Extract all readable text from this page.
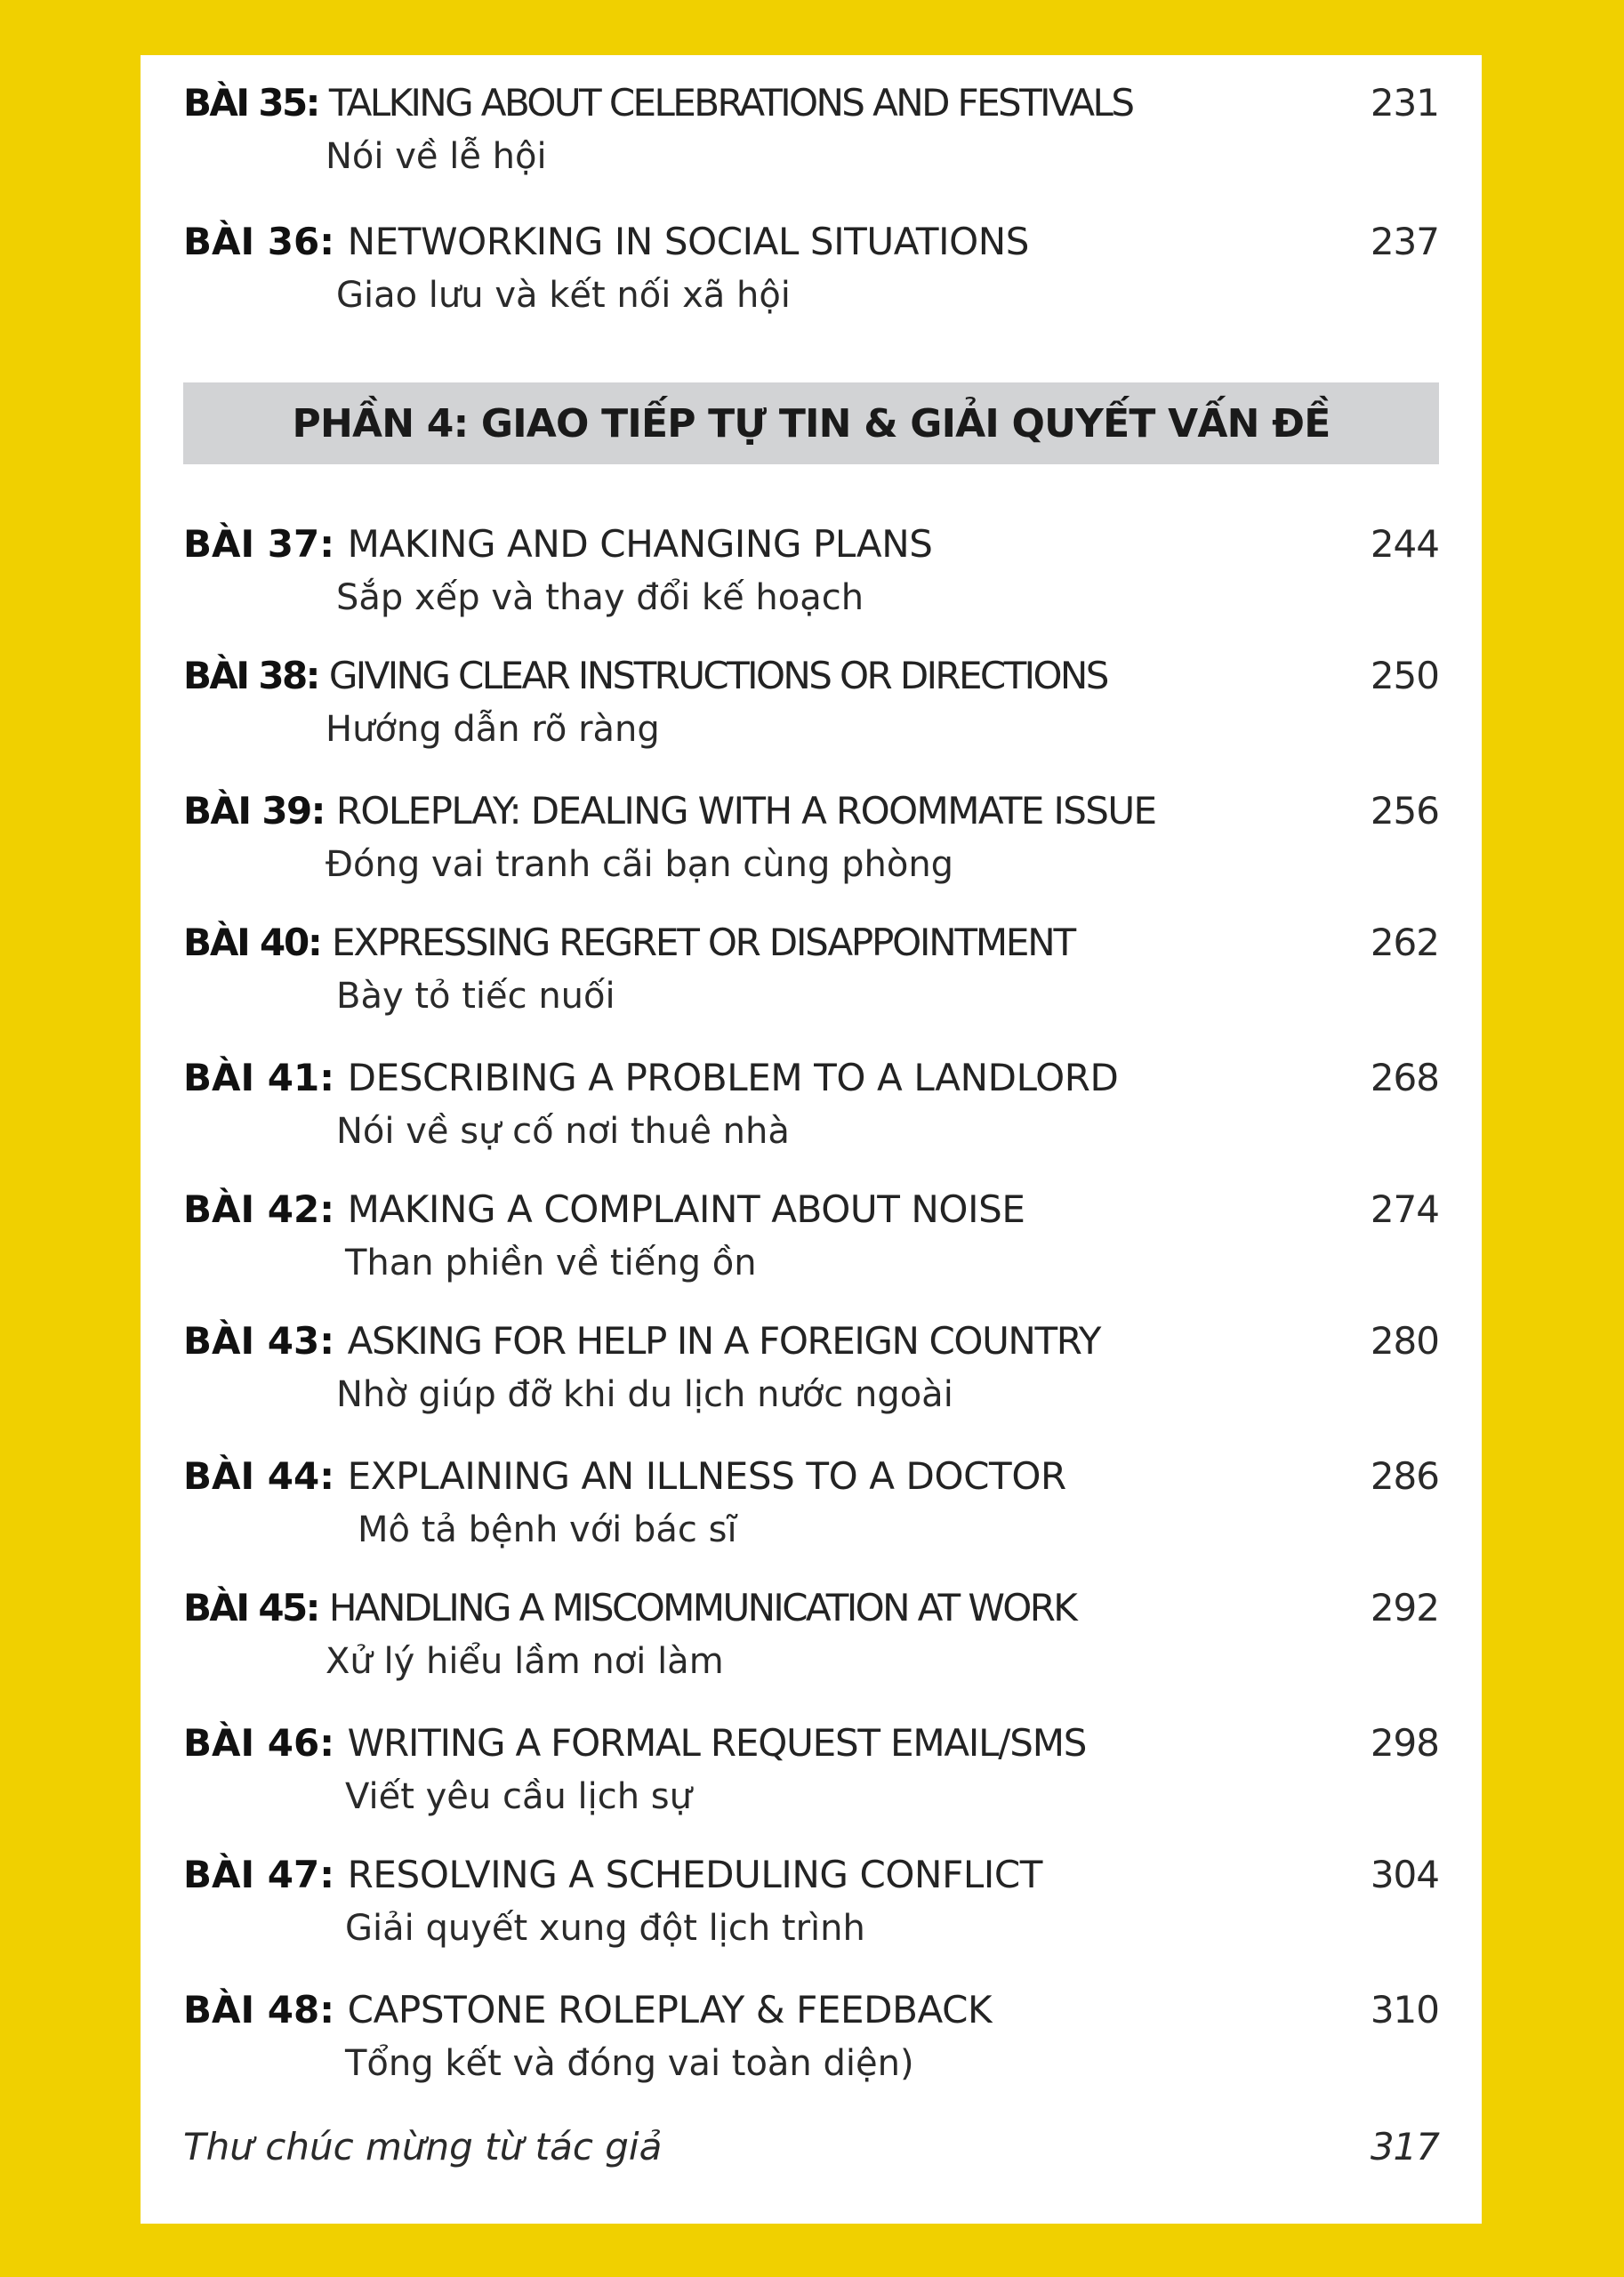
BÀI 35: TALKING ABOUT CELEBRATIONS AND FESTIVALS	231
Nói về lễ hội
BÀI 36: NETWORKING IN SOCIAL SITUATIONS	237
Giao lưu và kết nối xã hội
PHẦN 4: GIAO TIẾP TỰ TIN & GIẢI QUYẾT VẤN ĐỀ
BÀI 37: MAKING AND CHANGING PLANS	244
Sắp xếp và thay đổi kế hoạch
BÀI 38: GIVING CLEAR INSTRUCTIONS OR DIRECTIONS	250
Hướng dẫn rõ ràng
BÀI 39: ROLEPLAY: DEALING WITH A ROOMMATE ISSUE	256
Đóng vai tranh cãi bạn cùng phòng
BÀI 40: EXPRESSING REGRET OR DISAPPOINTMENT	262
Bày tỏ tiếc nuối
BÀI 41: DESCRIBING A PROBLEM TO A LANDLORD	268
Nói về sự cố nơi thuê nhà
BÀI 42: MAKING A COMPLAINT ABOUT NOISE	274
Than phiền về tiếng ồn
BÀI 43: ASKING FOR HELP IN A FOREIGN COUNTRY	280
Nhờ giúp đỡ khi du lịch nước ngoài
BÀI 44: EXPLAINING AN ILLNESS TO A DOCTOR	286
Mô tả bệnh với bác sĩ
BÀI 45: HANDLING A MISCOMMUNICATION AT WORK	292
Xử lý hiểu lầm nơi làm
BÀI 46: WRITING A FORMAL REQUEST EMAIL/SMS	298
Viết yêu cầu lịch sự
BÀI 47: RESOLVING A SCHEDULING CONFLICT	304
Giải quyết xung đột lịch trình
BÀI 48: CAPSTONE ROLEPLAY & FEEDBACK	310
Tổng kết và đóng vai toàn diện)
Thư chúc mừng từ tác giả	317
